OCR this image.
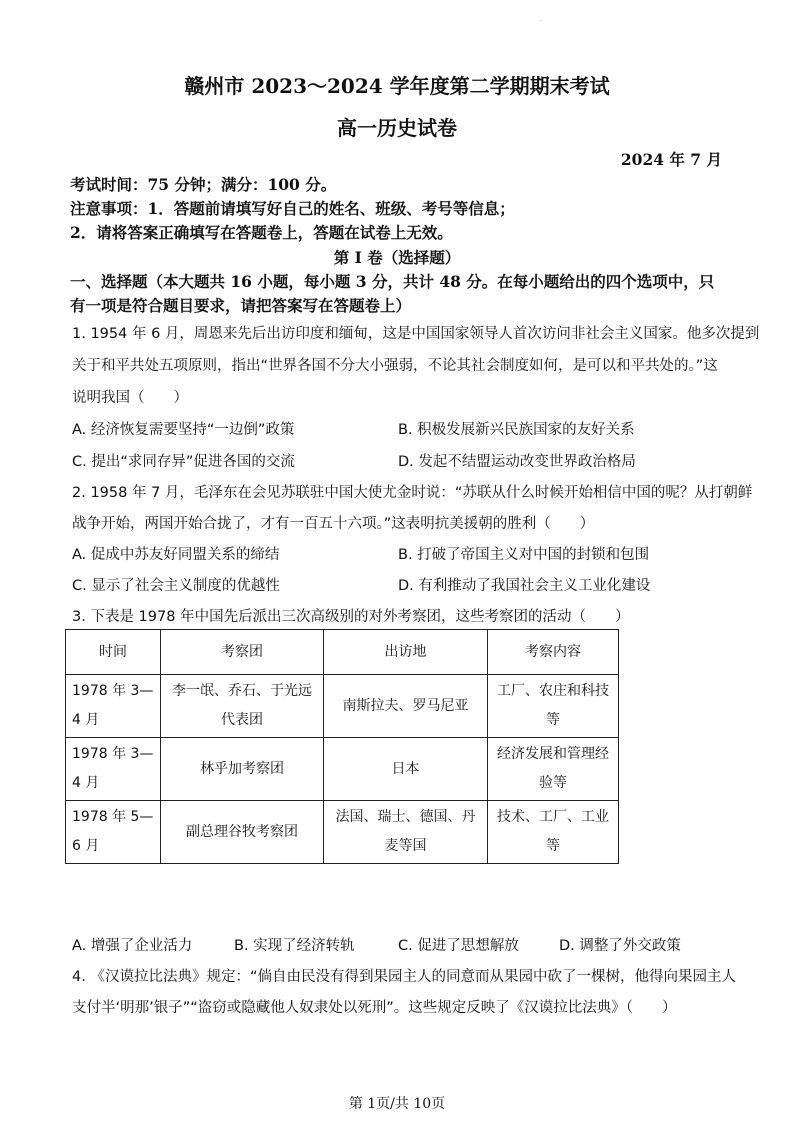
·
赣州市 2023～2024 学年度第二学期期末考试
高一历史试卷
2024 年 7 月
考试时间：75 分钟；满分：100 分。
注意事项：1．答题前请填写好自己的姓名、班级、考号等信息；
2．请将答案正确填写在答题卷上，答题在试卷上无效。
第 I 卷（选择题）
一、选择题（本大题共 16 小题，每小题 3 分，共计 48 分。在每小题给出的四个选项中，只
有一项是符合题目要求，请把答案写在答题卷上）
1. 1954 年 6 月，周恩来先后出访印度和缅甸，这是中国国家领导人首次访问非社会主义国家。他多次提到
关于和平共处五项原则，指出“世界各国不分大小强弱，不论其社会制度如何，是可以和平共处的。”这
说明我国（　　）
A. 经济恢复需要坚持“一边倒”政策	B. 积极发展新兴民族国家的友好关系
C. 提出“求同存异”促进各国的交流	D. 发起不结盟运动改变世界政治格局
2. 1958 年 7 月，毛泽东在会见苏联驻中国大使尤金时说：“苏联从什么时候开始相信中国的呢？从打朝鲜
战争开始，两国开始合拢了，才有一百五十六项。”这表明抗美援朝的胜利（　　）
A. 促成中苏友好同盟关系的缔结	B. 打破了帝国主义对中国的封锁和包围
C. 显示了社会主义制度的优越性	D. 有利推动了我国社会主义工业化建设
3. 下表是 1978 年中国先后派出三次高级别的对外考察团，这些考察团的活动（　　）
时间	考察团	出访地	考察内容
1978 年 3—4 月	李一氓、乔石、于光远代表团	南斯拉夫、罗马尼亚	工厂、农庄和科技等
1978 年 3—4 月	林乎加考察团	日本	经济发展和管理经验等
1978 年 5—6 月	副总理谷牧考察团	法国、瑞士、德国、丹麦等国	技术、工厂、工业等
A. 增强了企业活力	B. 实现了经济转轨	C. 促进了思想解放	D. 调整了外交政策
4. 《汉谟拉比法典》规定：“倘自由民没有得到果园主人的同意而从果园中砍了一棵树，他得向果园主人
支付半‘明那’银子”“盗窃或隐藏他人奴隶处以死刑”。这些规定反映了《汉谟拉比法典》（　　）
第 1页/共 10页
